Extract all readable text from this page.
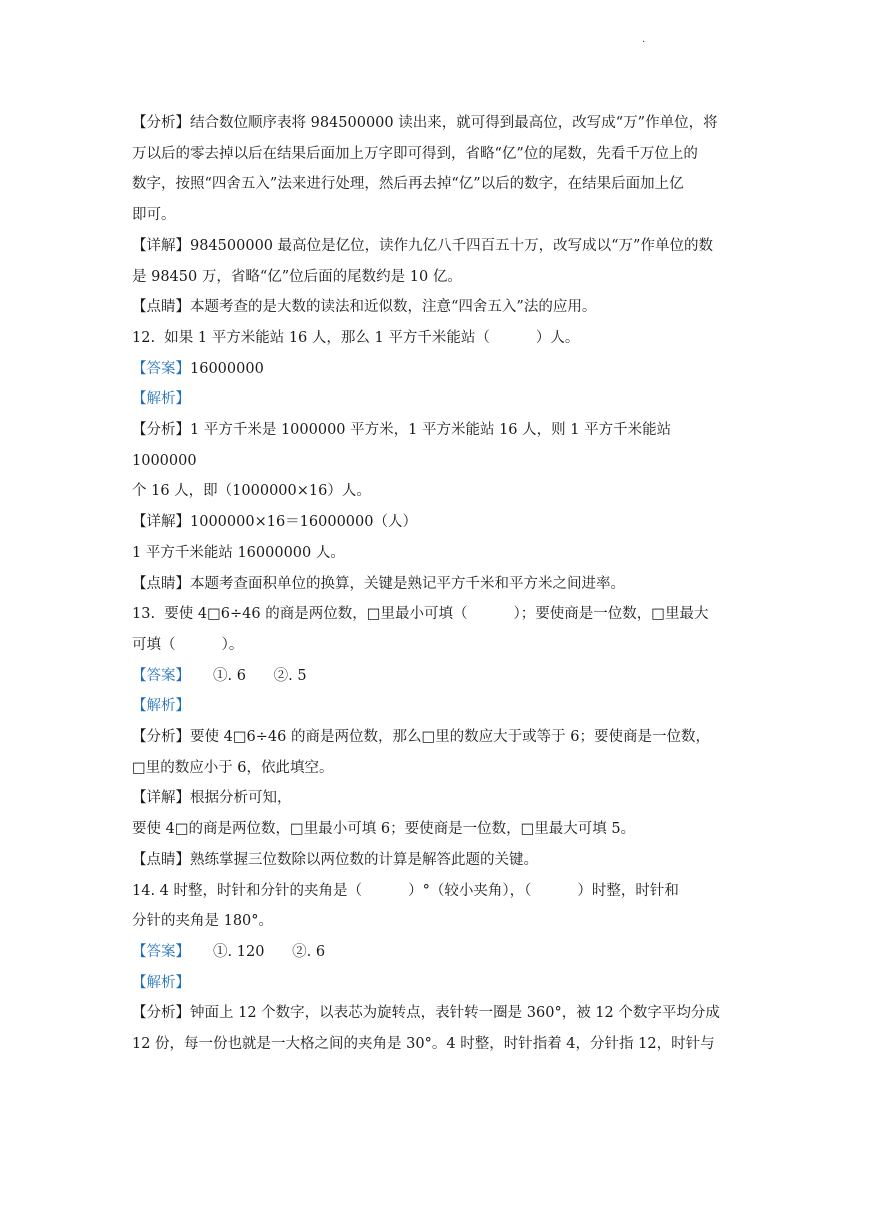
.

【分析】结合数位顺序表将 984500000 读出来，就可得到最高位，改写成“万”作单位，将

万以后的零去掉以后在结果后面加上万字即可得到，省略“亿”位的尾数，先看千万位上的

数字，按照“四舍五入”法来进行处理，然后再去掉“亿”以后的数字，在结果后面加上亿

即可。

【详解】984500000 最高位是亿位，读作九亿八千四百五十万，改写成以“万”作单位的数

是 98450 万，省略“亿”位后面的尾数约是 10 亿。

【点睛】本题考查的是大数的读法和近似数，注意“四舍五入”法的应用。

12.  如果 1 平方米能站 16 人，那么 1 平方千米能站（          ）人。

【答案】16000000

【解析】

【分析】1 平方千米是 1000000 平方米，1 平方米能站 16 人，则 1 平方千米能站 1000000

个 16 人，即（1000000×16）人。

【详解】1000000×16＝16000000（人）

1 平方千米能站 16000000 人。

【点睛】本题考查面积单位的换算，关键是熟记平方千米和平方米之间进率。

13.  要使 4□6÷46 的商是两位数，□里最小可填（          ）；要使商是一位数，□里最大

可填（          ）。

【答案】     ①. 6      ②. 5

【解析】

【分析】要使 4□6÷46 的商是两位数，那么□里的数应大于或等于 6；要使商是一位数，

□里的数应小于 6，依此填空。

【详解】根据分析可知，

要使 4□的商是两位数，□里最小可填 6；要使商是一位数，□里最大可填 5。

【点睛】熟练掌握三位数除以两位数的计算是解答此题的关键。

14. 4 时整，时针和分针的夹角是（          ）°（较小夹角），（          ）时整，时针和

分针的夹角是 180°。

【答案】     ①. 120      ②. 6

【解析】

【分析】钟面上 12 个数字，以表芯为旋转点，表针转一圈是 360°，被 12 个数字平均分成

12 份，每一份也就是一大格之间的夹角是 30°。4 时整，时针指着 4，分针指 12，时针与
